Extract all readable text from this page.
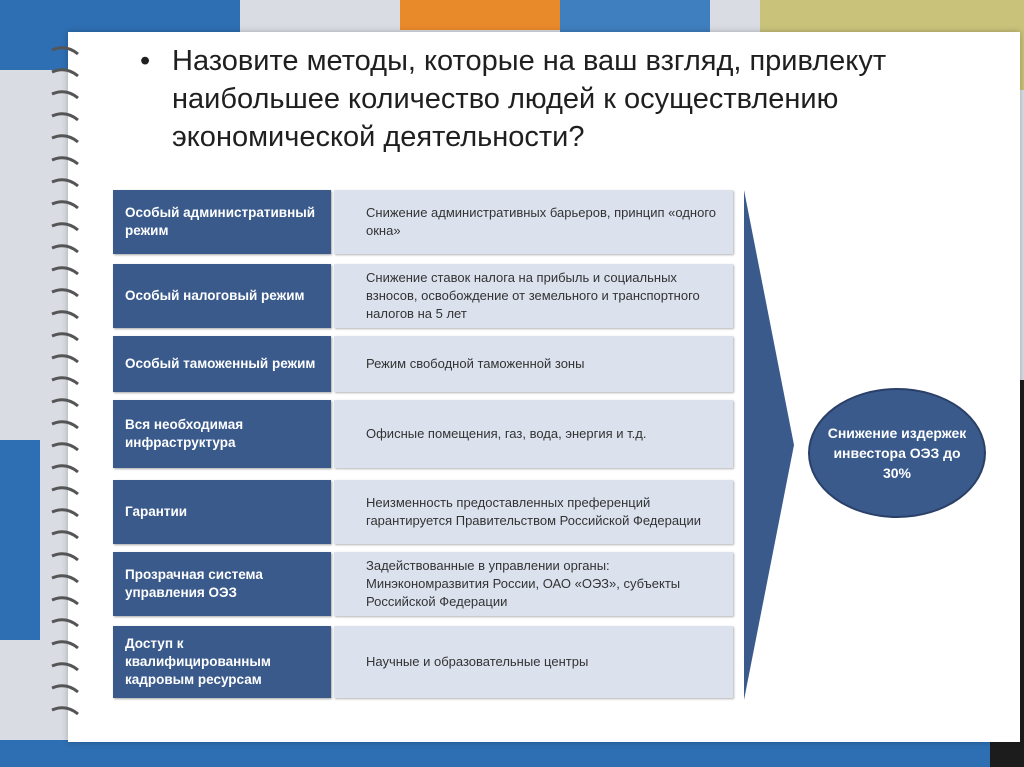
• Назовите методы, которые на ваш взгляд, привлекут наибольшее количество людей к осуществлению экономической деятельности?
Особый административный режим
Снижение административных барьеров, принцип «одного окна»
Особый налоговый режим
Снижение ставок налога на прибыль и социальных взносов, освобождение от земельного и транспортного налогов на 5 лет
Особый таможенный режим	Режим свободной таможенной зоны
Вся необходимая инфраструктура
Офисные помещения, газ, вода, энергия и т.д.
Гарантии
Неизменность предоставленных преференций гарантируется Правительством Российской Федерации
Прозрачная система управления ОЭЗ
Задействованные в управлении органы: Минэкономразвития России, ОАО «ОЭЗ», субъекты Российской Федерации
Доступ к квалифицированным кадровым ресурсам
Научные и образовательные центры
Снижение издержек инвестора ОЭЗ до 30%
